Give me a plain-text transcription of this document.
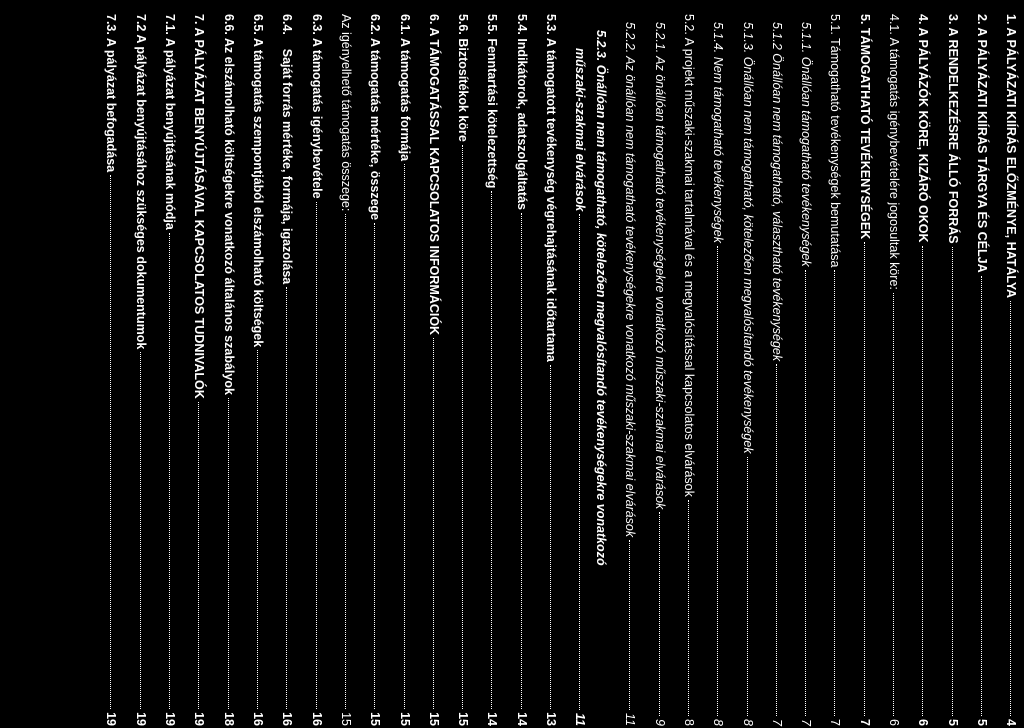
1. A PÁLYÁZATI KIÍRÁS ELŐZMÉNYE, HATÁLYA
4
2. A PÁLYÁZATI KIÍRÁS TÁRGYA ÉS CÉLJA
5
3. A RENDELKEZÉSRE ÁLLÓ FORRÁS
5
4. A PÁLYÁZÓK KÖRE, KIZÁRÓ OKOK
6
4.1. A támogatás igénybevételére jogosultak köre:
6
5. TÁMOGATHATÓ TEVÉKENYSÉGEK
7
5.1. Támogatható tevékenységek bemutatása
7
5.1.1. Önállóan támogatható tevékenységek
7
5.1.2 Önállóan nem támogatható, választható tevékenységek
7
5.1.3. Önállóan nem támogatható, kötelezően megvalósítandó tevékenységek
8
5.1.4. Nem támogatható tevékenységek
8
5.2. A projekt műszaki-szakmai tartalmával és a megvalósítással kapcsolatos elvárások
8
5.2.1. Az önállóan támogatható tevékenységekre vonatkozó műszaki-szakmai elvárások
9
5.2.2. Az önállóan nem támogatható tevékenységekre vonatkozó műszaki-szakmai elvárások
11
5.2.3. Önállóan nem támogatható, kötelezően megvalósítandó tevékenységekre vonatkozó
műszaki-szakmai elvárások
11
5.3. A támogatott tevékenység végrehajtásának időtartama
13
5.4. Indikátorok, adatszolgáltatás
14
5.5. Fenntartási kötelezettség
14
5.6. Biztosítékok köre
15
6. A TÁMOGATÁSSAL KAPCSOLATOS INFORMÁCIÓK
15
6.1. A támogatás formája
15
6.2. A támogatás mértéke, összege
15
Az igényelhető támogatás összege:
15
6.3. A támogatás igénybevétele
16
6.4.    Saját forrás mértéke, formája, igazolása
16
6.5. A támogatás szempontjából elszámolható költségek
16
6.6. Az elszámolható költségekre vonatkozó általános szabályok
18
7. A PÁLYÁZAT BENYÚJTÁSÁVAL KAPCSOLATOS TUDNIVALÓK
19
7.1. A pályázat benyújtásának módja
19
7.2 A pályázat benyújtásához szükséges dokumentumok
19
7.3. A pályázat befogadása
19
